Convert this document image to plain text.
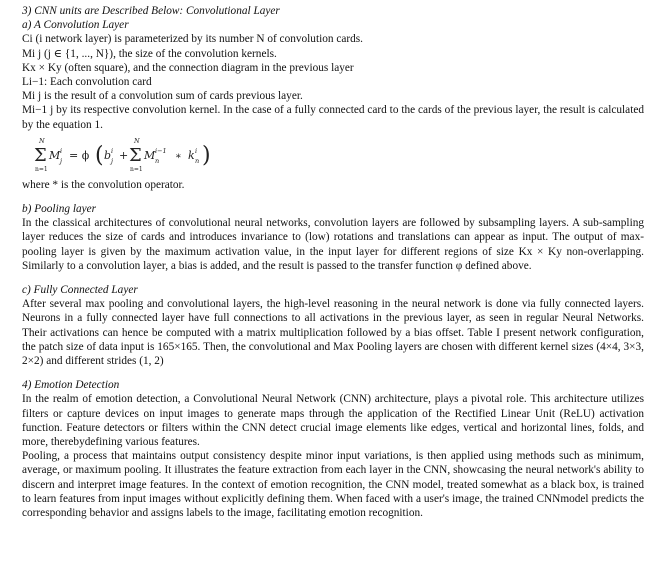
3) CNN units are Described Below: Convolutional Layer

a) A Convolution Layer

Ci (i network layer) is parameterized by its number N of convolution cards.

Mi j (j ∈ {1, ..., N}), the size of the convolution kernels.

Kx × Ky (often square), and the connection diagram in the previous layer

Li−1: Each convolution card

Mi j is the result of a convolution sum of cards previous layer.

Mi−1 j by its respective convolution kernel. In the case of a fully connected card to the cards of the previous layer, the result is calculated by the equation 1.

N
Σ
n=1
M i
j = ϕ ( b i
j +
N
Σ
n=1
M i−1
n ∗ k i
n )

where * is the convolution operator.

b) Pooling layer

In the classical architectures of convolutional neural networks, convolution layers are followed by subsampling layers. A sub-sampling layer reduces the size of cards and introduces invariance to (low) rotations and translations can appear as input. The output of max-pooling layer is given by the maximum activation value, in the input layer for different regions of size Kx × Ky non-overlapping. Similarly to a convolution layer, a bias is added, and the result is passed to the transfer function φ defined above.

c) Fully Connected Layer

After several max pooling and convolutional layers, the high-level reasoning in the neural network is done via fully connected layers. Neurons in a fully connected layer have full connections to all activations in the previous layer, as seen in regular Neural Networks. Their activations can hence be computed with a matrix multiplication followed by a bias offset. Table I present network configuration, the patch size of data input is 165×165. Then, the convolutional and Max Pooling layers are chosen with different kernel sizes (4×4, 3×3, 2×2) and different strides (1, 2)

4) Emotion Detection

In the realm of emotion detection, a Convolutional Neural Network (CNN) architecture, plays a pivotal role. This architecture utilizes filters or capture devices on input images to generate maps through the application of the Rectified Linear Unit (ReLU) activation function. Feature detectors or filters within the CNN detect crucial image elements like edges, vertical and horizontal lines, folds, and more, therebydefining various features.

Pooling, a process that maintains output consistency despite minor input variations, is then applied using methods such as minimum, average, or maximum pooling. It illustrates the feature extraction from each layer in the CNN, showcasing the neural network's ability to discern and interpret image features. In the context of emotion recognition, the CNN model, treated somewhat as a black box, is trained to learn features from input images without explicitly defining them. When faced with a user's image, the trained CNNmodel predicts the corresponding behavior and assigns labels to the image, facilitating emotion recognition.
